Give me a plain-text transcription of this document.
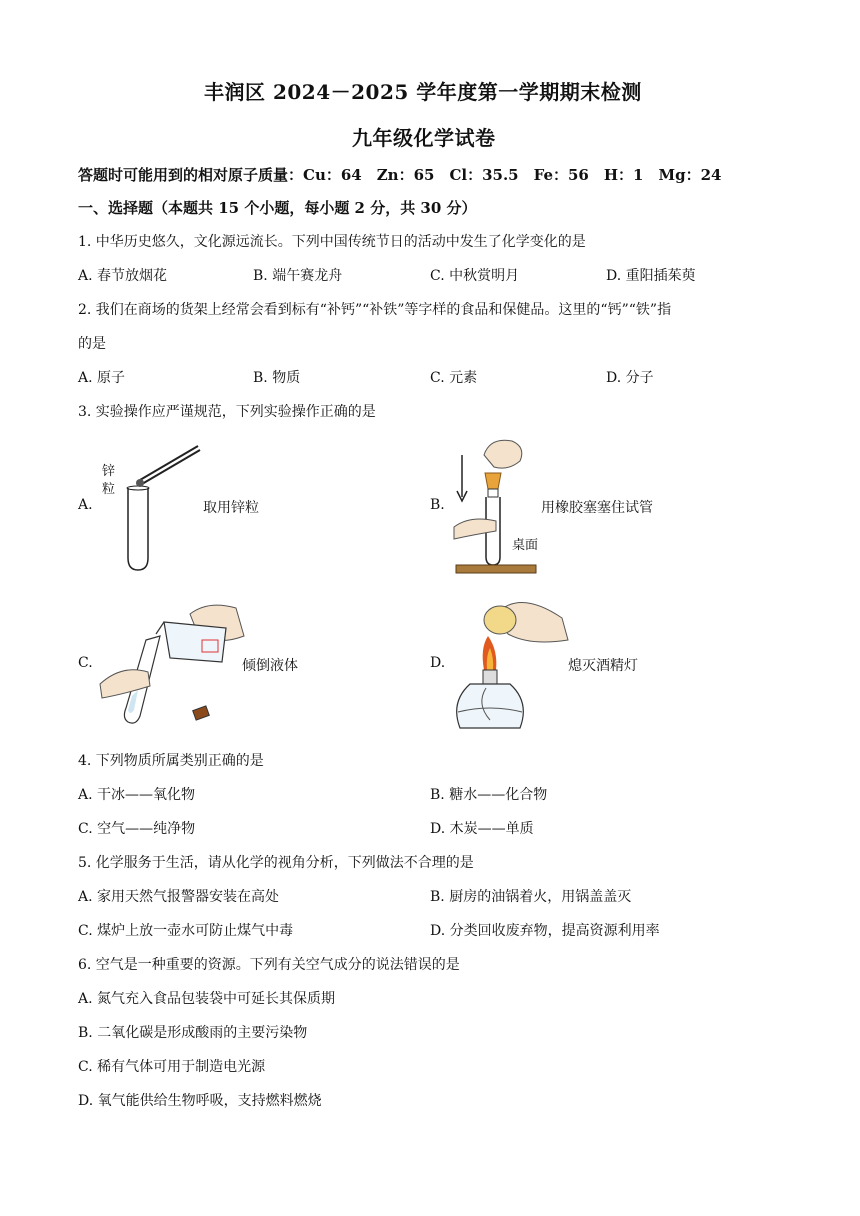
丰润区 2024－2025 学年度第一学期期末检测
九年级化学试卷
答题时可能用到的相对原子质量：Cu：64　Zn：65　Cl：35.5　Fe：56　H：1　Mg：24
一、选择题（本题共 15 个小题，每小题 2 分，共 30 分）
1. 中华历史悠久，文化源远流长。下列中国传统节日的活动中发生了化学变化的是
A. 春节放烟花	B. 端午赛龙舟	C. 中秋赏明月	D. 重阳插茱萸
2. 我们在商场的货架上经常会看到标有“补钙”“补铁”等字样的食品和保健品。这里的“钙”“铁”指
的是
A. 原子	B. 物质	C. 元素	D. 分子
3. 实验操作应严谨规范，下列实验操作正确的是
A.
锌
粒
取用锌粒	B.
桌面
用橡胶塞塞住试管
C.	倾倒液体	D.	熄灭酒精灯
4. 下列物质所属类别正确的是
A. 干冰——氧化物	B. 糖水——化合物
C. 空气——纯净物	D. 木炭——单质
5. 化学服务于生活，请从化学的视角分析，下列做法不合理的是
A. 家用天然气报警器安装在高处	B. 厨房的油锅着火，用锅盖盖灭
C. 煤炉上放一壶水可防止煤气中毒	D. 分类回收废弃物，提高资源利用率
6. 空气是一种重要的资源。下列有关空气成分的说法错误的是
A. 氮气充入食品包装袋中可延长其保质期
B. 二氧化碳是形成酸雨的主要污染物
C. 稀有气体可用于制造电光源
D. 氧气能供给生物呼吸，支持燃料燃烧
